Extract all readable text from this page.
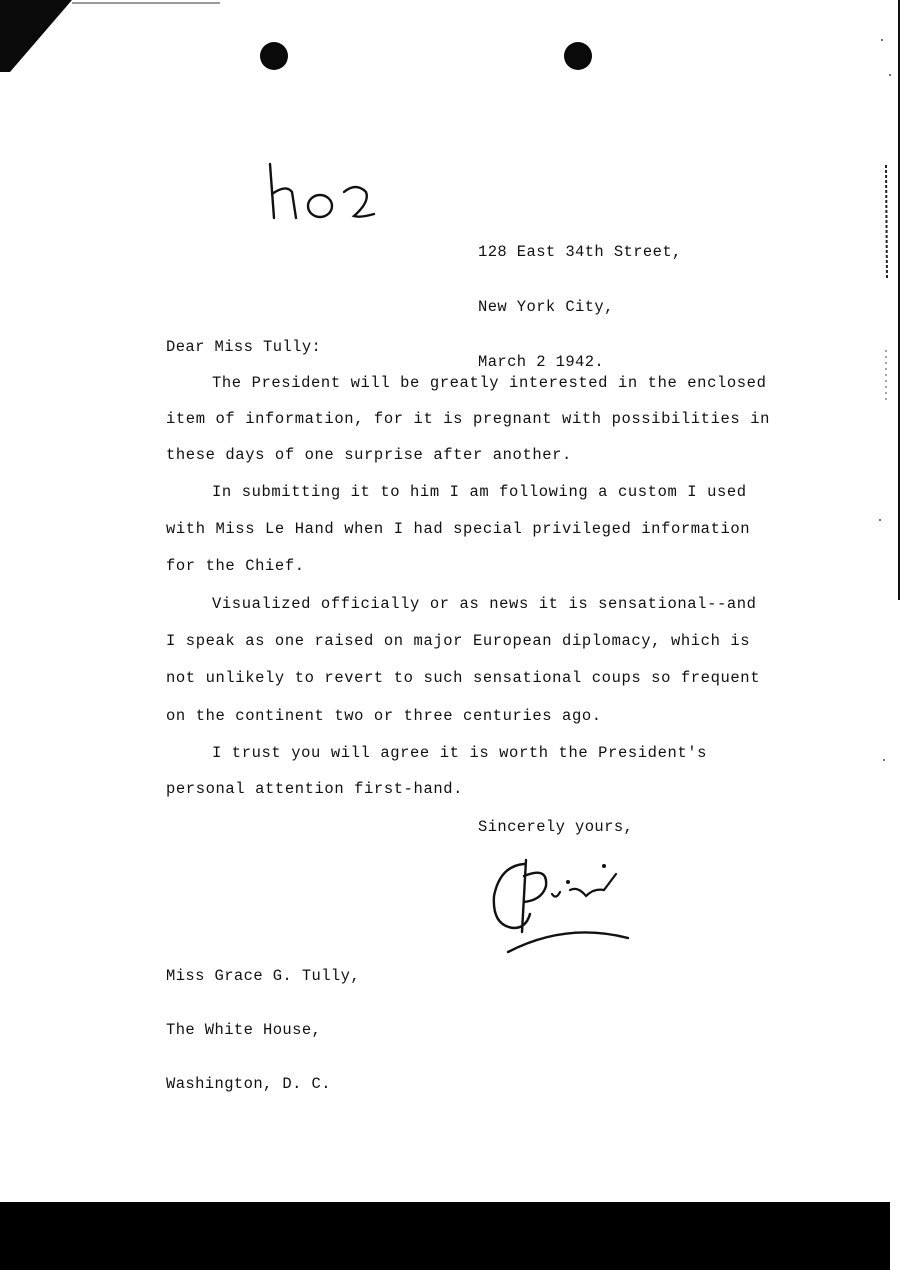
128 East 34th Street,

New York City,

March 2 1942.

Dear Miss Tully:
The President will be greatly interested in the enclosed
item of information, for it is pregnant with possibilities in
these days of one surprise after another.
In submitting it to him I am following a custom I used
with Miss Le Hand when I had special privileged information
for the Chief.
Visualized officially or as news it is sensational--and
I speak as one raised on major European diplomacy, which is
not unlikely to revert to such sensational coups so frequent
on the continent two or three centuries ago.
I trust you will agree it is worth the President's
personal attention first-hand.
Sincerely yours,

Miss Grace G. Tully,

The White House,

Washington, D. C.
